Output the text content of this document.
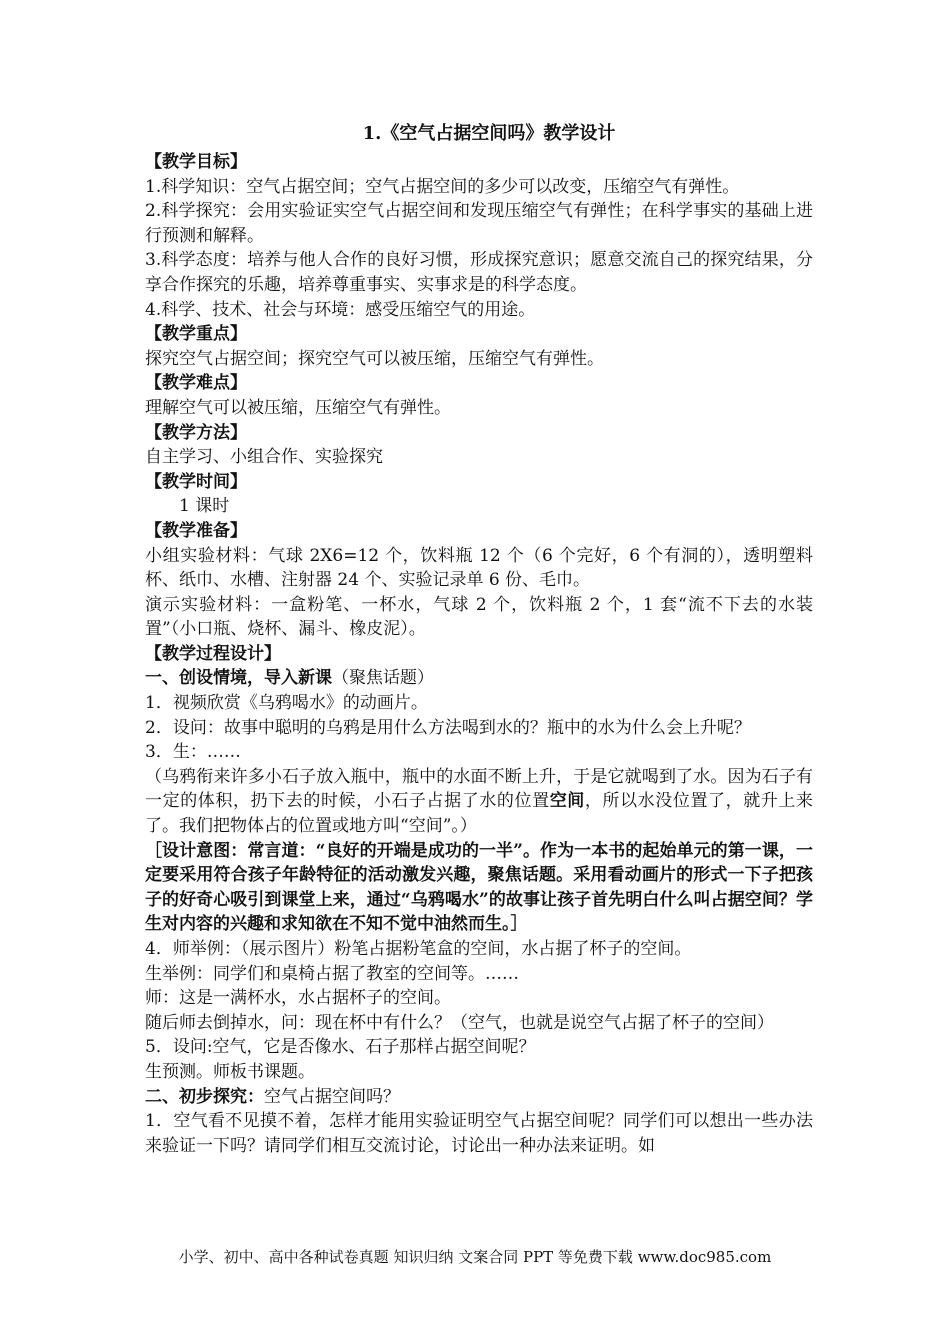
1.《空气占据空间吗》教学设计
【教学目标】
1.科学知识：空气占据空间；空气占据空间的多少可以改变，压缩空气有弹性。
2.科学探究：会用实验证实空气占据空间和发现压缩空气有弹性；在科学事实的基础上进行预测和解释。
3.科学态度：培养与他人合作的良好习惯，形成探究意识；愿意交流自己的探究结果，分享合作探究的乐趣，培养尊重事实、实事求是的科学态度。
4.科学、技术、社会与环境：感受压缩空气的用途。
【教学重点】
探究空气占据空间；探究空气可以被压缩，压缩空气有弹性。
【教学难点】
理解空气可以被压缩，压缩空气有弹性。
【教学方法】
自主学习、小组合作、实验探究
【教学时间】
1 课时
【教学准备】
小组实验材料：气球 2X6=12 个，饮料瓶 12 个（6 个完好，6 个有洞的），透明塑料杯、纸巾、水槽、注射器 24 个、实验记录单 6 份、毛巾。
演示实验材料：一盒粉笔、一杯水，气球 2 个，饮料瓶 2 个，1 套“流不下去的水装置”（小口瓶、烧杯、漏斗、橡皮泥）。
【教学过程设计】
一、创设情境，导入新课（聚焦话题）
1．视频欣赏《乌鸦喝水》的动画片。
2．设问：故事中聪明的乌鸦是用什么方法喝到水的？瓶中的水为什么会上升呢？
3．生：……
（乌鸦衔来许多小石子放入瓶中，瓶中的水面不断上升，于是它就喝到了水。因为石子有一定的体积，扔下去的时候，小石子占据了水的位置空间，所以水没位置了，就升上来了。我们把物体占的位置或地方叫“空间”。）
［设计意图：常言道：“良好的开端是成功的一半”。作为一本书的起始单元的第一课，一定要采用符合孩子年龄特征的活动激发兴趣，聚焦话题。采用看动画片的形式一下子把孩子的好奇心吸引到课堂上来，通过“乌鸦喝水”的故事让孩子首先明白什么叫占据空间？学生对内容的兴趣和求知欲在不知不觉中油然而生。］
4．师举例：（展示图片）粉笔占据粉笔盒的空间，水占据了杯子的空间。
生举例：同学们和桌椅占据了教室的空间等。……
师：这是一满杯水，水占据杯子的空间。
随后师去倒掉水，问：现在杯中有什么？（空气，也就是说空气占据了杯子的空间）
5．设问:空气，它是否像水、石子那样占据空间呢？
生预测。师板书课题。
二、初步探究：空气占据空间吗？
1．空气看不见摸不着，怎样才能用实验证明空气占据空间呢？同学们可以想出一些办法来验证一下吗？请同学们相互交流讨论，讨论出一种办法来证明。如
小学、初中、高中各种试卷真题 知识归纳 文案合同 PPT 等免费下载 www.doc985.com
